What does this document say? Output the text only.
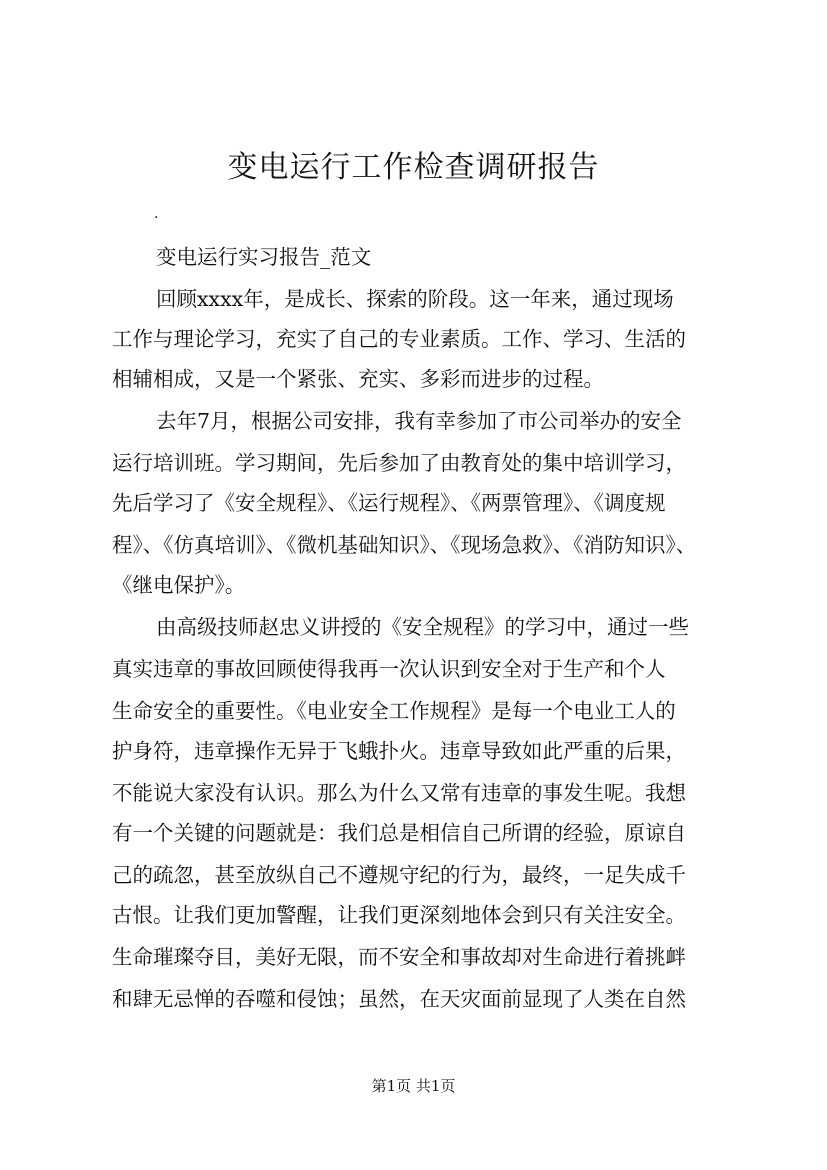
变电运行工作检查调研报告
.
变电运行实习报告_范文
回顾xxxx年，是成长、探索的阶段。这一年来，通过现场
工作与理论学习，充实了自己的专业素质。工作、学习、生活的
相辅相成，又是一个紧张、充实、多彩而进步的过程。
去年7月，根据公司安排，我有幸参加了市公司举办的安全
运行培训班。学习期间，先后参加了由教育处的集中培训学习，
先后学习了《安全规程》、《运行规程》、《两票管理》、《调度规
程》、《仿真培训》、《微机基础知识》、《现场急救》、《消防知识》、
《继电保护》。
由高级技师赵忠义讲授的《安全规程》的学习中，通过一些
真实违章的事故回顾使得我再一次认识到安全对于生产和个人
生命安全的重要性。《电业安全工作规程》是每一个电业工人的
护身符，违章操作无异于飞蛾扑火。违章导致如此严重的后果，
不能说大家没有认识。那么为什么又常有违章的事发生呢。我想
有一个关键的问题就是：我们总是相信自己所谓的经验，原谅自
己的疏忽，甚至放纵自己不遵规守纪的行为，最终，一足失成千
古恨。让我们更加警醒，让我们更深刻地体会到只有关注安全。
生命璀璨夺目，美好无限，而不安全和事故却对生命进行着挑衅
和肆无忌惮的吞噬和侵蚀；虽然，在天灾面前显现了人类在自然
第1页 共1页
